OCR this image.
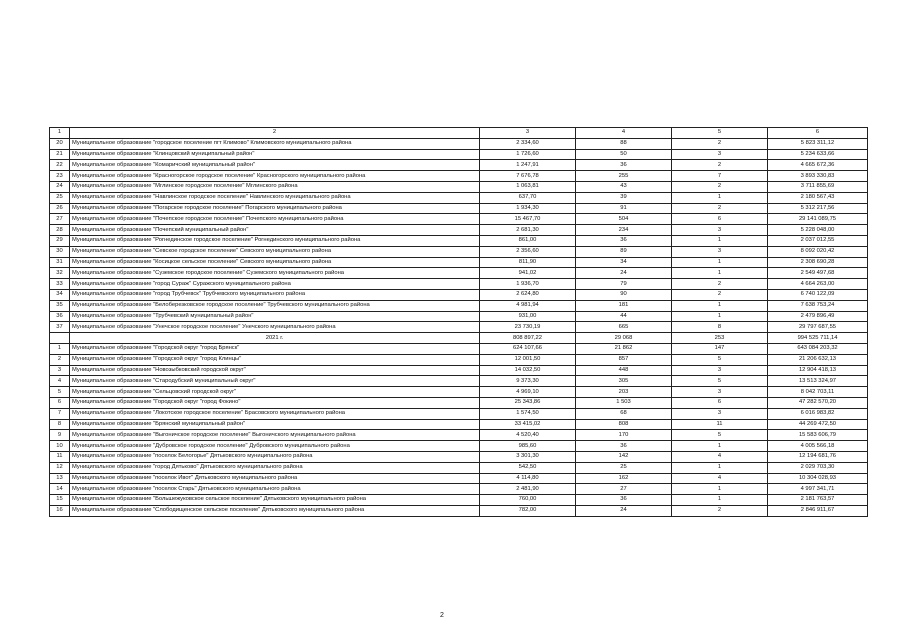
1	2	3	4	5	6
20	Муниципальное образование "городское поселение пгт Климово" Климовского муниципального района	2 334,60	88	2	5 823 311,12
21	Муниципальное образование "Клинцовский муниципальный район"	1 726,60	50	3	5 234 633,66
22	Муниципальное образование "Комаричский муниципальный район"	1 247,91	36	2	4 665 672,36
23	Муниципальное образование "Красногорское городское поселение" Красногорского муниципального района	7 676,78	255	7	3 893 330,83
24	Муниципальное образование "Мглинское городское поселение" Мглинского района	1 063,81	43	2	3 711 855,69
25	Муниципальное образование "Навлинское городское поселение" Навлинского муниципального района	637,70	39	1	2 180 567,43
26	Муниципальное образование "Погарское городское поселение" Погарского муниципального района	1 934,30	91	2	5 312 217,56
27	Муниципальное образование "Почепское городское поселение" Почепского муниципального района	15 467,70	504	6	29 141 089,75
28	Муниципальное образование "Почепский муниципальный район"	2 681,30	234	3	5 228 048,00
29	Муниципальное образование "Рогнединское городское поселение" Рогнединского муниципального района	861,00	36	1	2 037 012,55
30	Муниципальное образование "Севское городское поселение" Севского муниципального района	2 356,60	89	3	8 092 020,42
31	Муниципальное образование "Косицкое сельское поселение" Севского муниципального района	811,90	34	1	2 308 690,28
32	Муниципальное образование "Суземское городское поселение" Суземского муниципального района	941,02	24	1	2 549 497,68
33	Муниципальное образование "город Сураж" Суражского муниципального района	1 936,70	79	2	4 664 263,00
34	Муниципальное образование "город Трубчевск" Трубчевского муниципального района	2 624,80	90	2	6 740 122,09
35	Муниципальное образование "Белоберезковское городское поселение" Трубчевского муниципального района	4 981,94	181	1	7 638 753,24
36	Муниципальное образование "Трубчевский муниципальный район"	931,00	44	1	2 479 896,49
37	Муниципальное образование "Унечское городское поселение" Унечского муниципального района	23 730,19	665	8	29 797 687,55
	2021 г.	808 897,22	29 068	253	994 525 711,14
1	Муниципальное образование "Городской округ "город Брянск"	624 107,66	21 862	147	643 084 203,32
2	Муниципальное образование "Городской округ "город Клинцы"	12 001,50	857	5	21 206 632,13
3	Муниципальное образование "Новозыбковский городской округ"	14 032,50	448	3	12 904 418,13
4	Муниципальное образование "Стародубский муниципальный округ"	9 373,30	305	5	13 513 324,97
5	Муниципальное образование "Сельцовский городской округ"	4 969,10	203	3	8 042 703,11
6	Муниципальное образование "Городской округ "город Фокино"	25 343,86	1 503	6	47 282 570,20
7	Муниципальное образование "Локотское городское поселение" Брасовского муниципального района	1 574,50	68	3	6 016 983,82
8	Муниципальное образование "Брянский муниципальный район"	33 415,02	808	11	44 269 472,50
9	Муниципальное образование "Выгоничское городское поселение" Выгоничского муниципального района	4 520,40	170	5	15 583 606,79
10	Муниципальное образование "Дубровское городское поселение" Дубровского муниципального района	985,60	36	1	4 005 566,18
11	Муниципальное образование "поселок Белогорье" Дятьковского муниципального района	3 301,30	142	4	12 194 681,76
12	Муниципальное образование "город Дятьково" Дятьковского муниципального района	542,50	25	1	2 029 703,30
13	Муниципальное образование "поселок Ивот" Дятьковского муниципального района	4 114,80	162	4	10 304 028,93
14	Муниципальное образование "поселок Старь" Дятьковского муниципального района	2 481,90	27	1	4 997 341,71
15	Муниципальное образование "Большежуковское сельское поселение" Дятьковского муниципального района	760,00	36	1	2 181 763,57
16	Муниципальное образование "Слободищенское сельское поселение" Дятьковского муниципального района	782,00	24	2	2 846 911,67
2
